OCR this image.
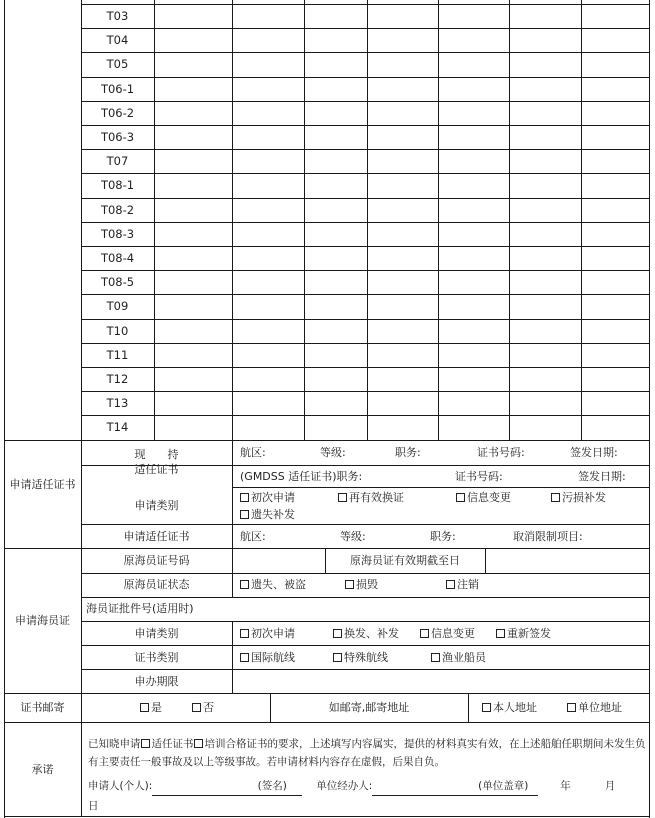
T03
T04
T05
T06-1
T06-2
T06-3
T07
T08-1
T08-2
T08-3
T08-4
T08-5
T09
T10
T11
T12
T13
T14
申请适任证书
现　　持
适任证书
航区:	等级:	职务:	证书号码:	签发日期:
(GMDSS 适任证书)职务:	证书号码:	签发日期:
申请类别
初次申请	再有效换证	信息变更	污损补发
遗失补发
申请适任证书	航区:	等级:	职务:	取消限制项目:
申请海员证
原海员证号码	原海员证有效期截至日
原海员证状态	遗失、被盗	损毁	注销
海员证批件号(适用时)
申请类别	初次申请	换发、补发	信息变更	重新签发
证书类别	国际航线	特殊航线	渔业船员
申办期限
证书邮寄	是	否	如邮寄,邮寄地址	本人地址	单位地址
承诺
已知晓申请 适任证书 培训合格证书的要求，上述填写内容属实，提供的材料真实有效，在上述船舶任职期间未发生负有主要责任一般事故及以上等级事故。若申请材料内容存在虚假，后果自负。
申请人(个人):	(签名)	单位经办人:	(单位盖章)	年	月
日
